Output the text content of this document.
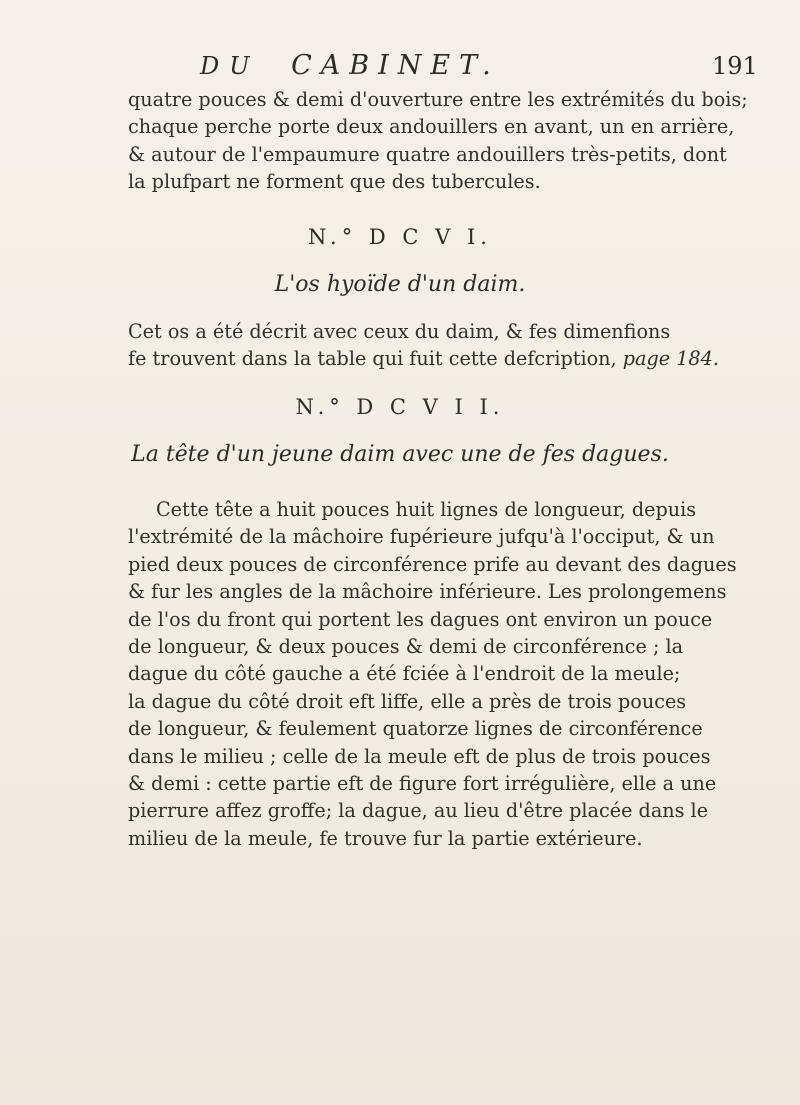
DU CABINET.	191
quatre pouces & demi d'ouverture entre les extrémités du bois;
chaque perche porte deux andouillers en avant, un en arrière,
& autour de l'empaumure quatre andouillers très-petits, dont
la plufpart ne forment que des tubercules.
N.° D C V I.
L'os hyoïde d'un daim.
Cet os a été décrit avec ceux du daim, & fes dimenfions
fe trouvent dans la table qui fuit cette defcription, page 184.
N.° D C V I I.
La tête d'un jeune daim avec une de fes dagues.
Cette tête a huit pouces huit lignes de longueur, depuis
l'extrémité de la mâchoire fupérieure jufqu'à l'occiput, & un
pied deux pouces de circonférence prife au devant des dagues
& fur les angles de la mâchoire inférieure. Les prolongemens
de l'os du front qui portent les dagues ont environ un pouce
de longueur, & deux pouces & demi de circonférence ; la
dague du côté gauche a été fciée à l'endroit de la meule;
la dague du côté droit eft liffe, elle a près de trois pouces
de longueur, & feulement quatorze lignes de circonférence
dans le milieu ; celle de la meule eft de plus de trois pouces
& demi : cette partie eft de figure fort irrégulière, elle a une
pierrure affez groffe; la dague, au lieu d'être placée dans le
milieu de la meule, fe trouve fur la partie extérieure.
